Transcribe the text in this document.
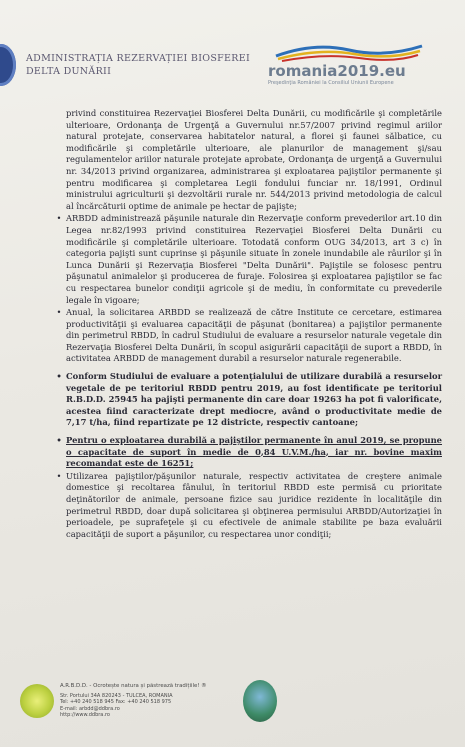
ADMINISTRAȚIA REZERVAȚIEI BIOSFEREI
DELTA DUNĂRII	romania2019.eu
Preşedinţia României la Consiliul Uniunii Europene

privind constituirea Rezervaţiei Biosferei Delta Dunării, cu modificările şi completările ulterioare, Ordonanţa de Urgenţă a Guvernului nr.57/2007 privind regimul ariilor natural protejate, conservarea habitatelor natural, a florei şi faunei sălbatice, cu modificările şi completările ulterioare, ale planurilor de management şi/sau regulamentelor ariilor naturale protejate aprobate, Ordonanţa de urgenţă a Guvernului nr. 34/2013 privind organizarea, administrarea şi exploatarea pajiştilor permanente şi pentru modificarea şi completarea Legii fondului funciar nr. 18/1991, Ordinul ministrului agriculturii şi dezvoltării rurale nr. 544/2013 privind metodologia de calcul al încărcăturii optime de animale pe hectar de pajişte;

• ARBDD administrează păşunile naturale din Rezervaţie conform prevederilor art.10 din Legea nr.82/1993 privind constituirea Rezervaţiei Biosferei Delta Dunării cu modificările şi completările ulterioare. Totodată conform OUG 34/2013, art 3 c) în categoria pajişti sunt cuprinse şi păşunile situate în zonele inundabile ale râurilor şi în Lunca Dunării şi Rezervaţia Biosferei "Delta Dunării". Pajiştile se folosesc pentru păşunatul animalelor şi producerea de furaje. Folosirea şi exploatarea pajiştilor se fac cu respectarea bunelor condiţii agricole şi de mediu, în conformitate cu prevederile legale în vigoare;
• Anual, la solicitarea ARBDD se realizează de către Institute ce cercetare, estimarea productivităţii şi evaluarea capacităţii de păşunat (bonitarea) a pajiştilor permanente din perimetrul RBDD, în cadrul Studiului de evaluare a resurselor naturale vegetale din Rezervaţia Biosferei Delta Dunării, în scopul asigurării capacităţii de suport a RBDD, în activitatea ARBDD de management durabil a resurselor naturale regenerabile.
• Conform Studiului de evaluare a potenţialului de utilizare durabilă a resurselor vegetale de pe teritoriul RBDD pentru 2019, au fost identificate pe teritoriul R.B.D.D. 25945 ha pajişti permanente din care doar 19263 ha pot fi valorificate, acestea fiind caracterizate drept mediocre, având o productivitate medie de 7,17 t/ha, fiind repartizate pe 12 districte, respectiv cantoane;
• Pentru o exploatarea durabilă a pajiştilor permanente în anul 2019, se propune o capacitate de suport în medie de 0,84 U.V.M./ha, iar nr. bovine maxim recomandat este de 16251;
• Utilizarea pajiştilor/păşunilor naturale, respectiv activitatea de creştere animale domestice şi recoltarea fânului, în teritoriul RBDD este permisă cu prioritate deţinătorilor de animale, persoane fizice sau juridice rezidente în localităţile din perimetrul RBDD, doar după solicitarea şi obţinerea permisului ARBDD/Autorizaţiei în perioadele, pe suprafeţele şi cu efectivele de animale stabilite pe baza evaluării capacităţii de suport a păşunilor, cu respectarea unor condiţii;
A.R.B.D.D. - Ocrotește natura și păstrează tradițiile! ®
Str. Portului 34A 820243 - TULCEA, ROMANIA
Tel: +40 240 518 945 Fax: +40 240 518 975
E-mail: arbdd@ddbra.ro
http://www.ddbra.ro
